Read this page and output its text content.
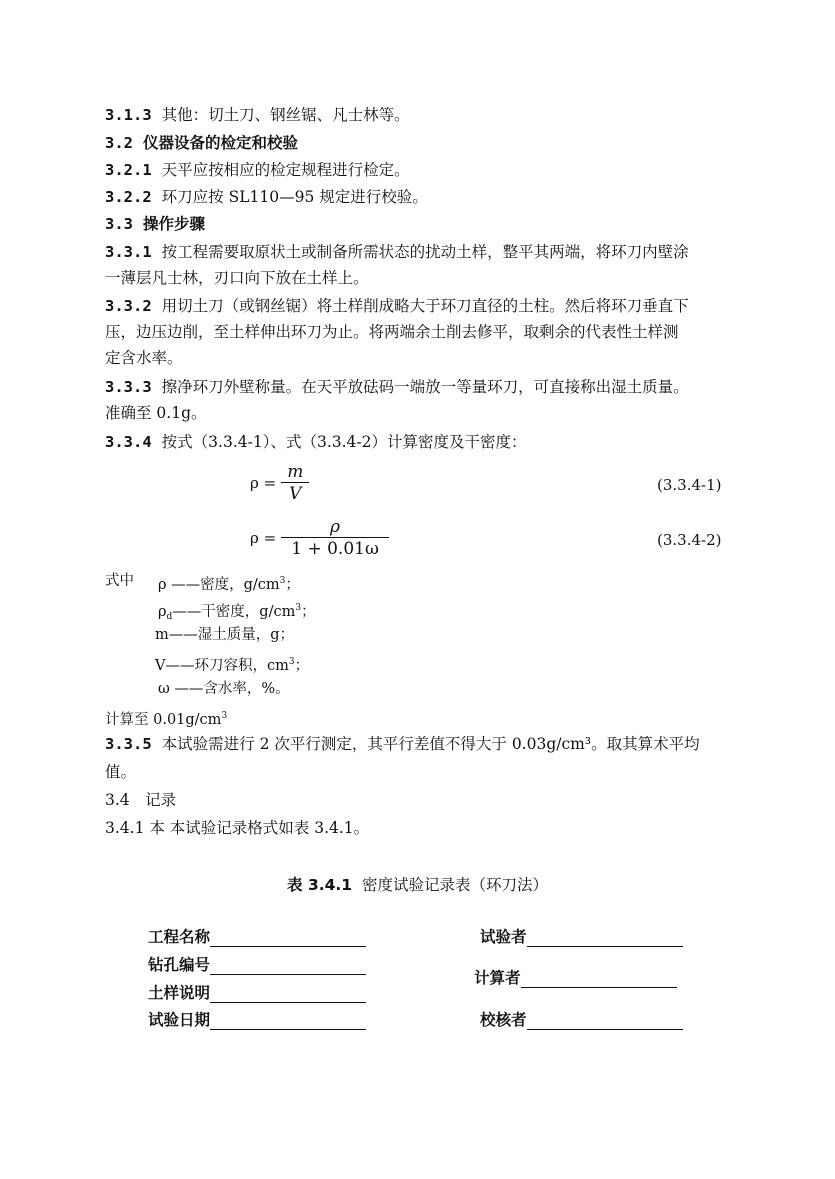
3.1.3 其他：切土刀、钢丝锯、凡士林等。
3.2 仪器设备的检定和校验
3.2.1 天平应按相应的检定规程进行检定。
3.2.2 环刀应按 SL110—95 规定进行校验。
3.3 操作步骤
3.3.1 按工程需要取原状土或制备所需状态的扰动土样，整平其两端，将环刀内壁涂
一薄层凡士林，刃口向下放在土样上。
3.3.2 用切土刀（或钢丝锯）将土样削成略大于环刀直径的土柱。然后将环刀垂直下
压，边压边削，至土样伸出环刀为止。将两端余土削去修平，取剩余的代表性土样测
定含水率。
3.3.3 擦净环刀外壁称量。在天平放砝码一端放一等量环刀，可直接称出湿土质量。
准确至 0.1g。
3.3.4 按式（3.3.4-1）、式（3.3.4-2）计算密度及干密度：
$\rho = \frac{m}{V}$	(3.3.4-1)
$\rho = \frac{\rho}{1 + 0.01\omega}$	(3.3.4-2)
式中 ρ ——密度，$g/cm^3$；
$\rho_d——$干密度，$g/cm^3$；
m——湿土质量，g；
V——环刀容积，$cm^3$；
ω ——含水率，%。
计算至 $0.01g/cm^3$
3.3.5 本试验需进行 2 次平行测定，其平行差值不得大于 0.03g/cm³。取其算术平均
值。
3.4　记录
3.4.1 本 本试验记录格式如表 3.4.1。
表 3.4.1 密度试验记录表（环刀法）
工程名称	试验者
钻孔编号
计算者
土样说明
试验日期	校核者
